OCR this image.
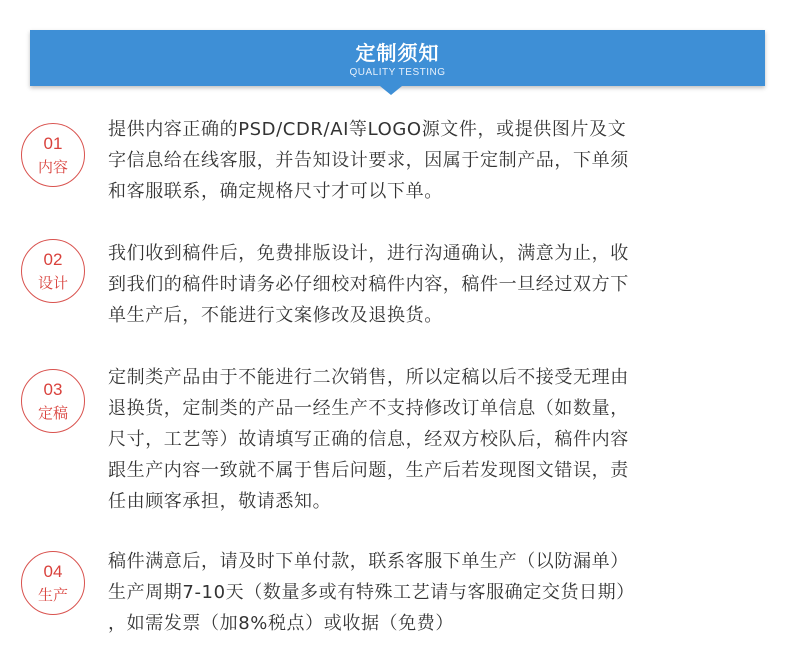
定制须知
QUALITY TESTING
01
内容

提供内容正确的PSD/CDR/AI等LOGO源文件，或提供图片及文
字信息给在线客服，并告知设计要求，因属于定制产品，下单须
和客服联系，确定规格尺寸才可以下单。

02
设计

我们收到稿件后，免费排版设计，进行沟通确认，满意为止，收
到我们的稿件时请务必仔细校对稿件内容，稿件一旦经过双方下
单生产后，不能进行文案修改及退换货。

03
定稿

定制类产品由于不能进行二次销售，所以定稿以后不接受无理由
退换货，定制类的产品一经生产不支持修改订单信息（如数量，
尺寸，工艺等）故请填写正确的信息，经双方校队后，稿件内容
跟生产内容一致就不属于售后问题，生产后若发现图文错误，责
任由顾客承担，敬请悉知。

04
生产

稿件满意后，请及时下单付款，联系客服下单生产（以防漏单）
生产周期7-10天（数量多或有特殊工艺请与客服确定交货日期）
，如需发票（加8%税点）或收据（免费）
